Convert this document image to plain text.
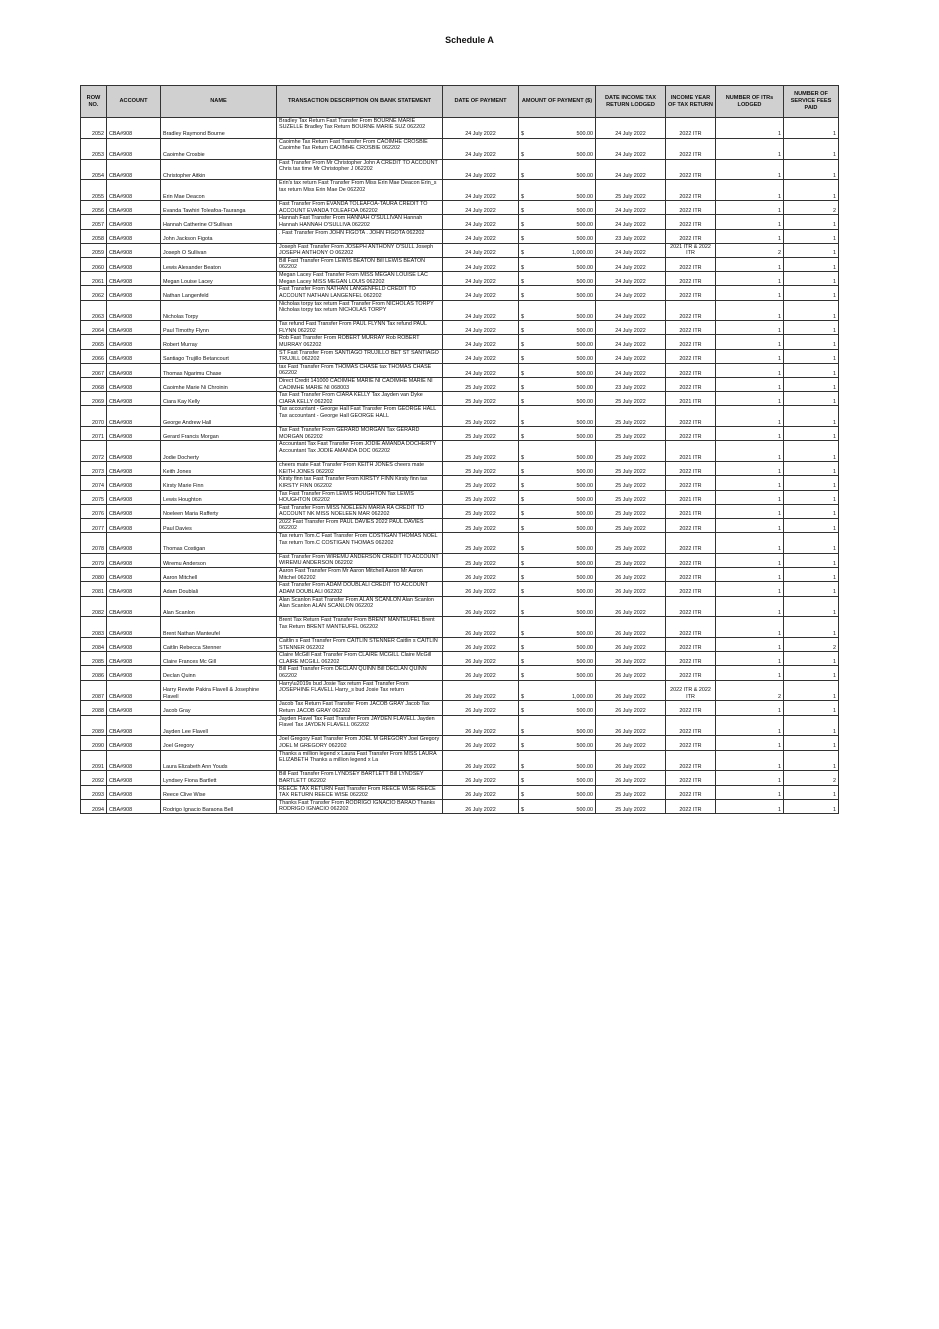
Schedule A
ROW NO.	ACCOUNT	NAME	TRANSACTION DESCRIPTION ON BANK STATEMENT	DATE OF PAYMENT	AMOUNT OF PAYMENT ($)	DATE INCOME TAX RETURN LODGED	INCOME YEAR OF TAX RETURN	NUMBER OF ITRs LODGED	NUMBER OF SERVICE FEES PAID
2052	CBA#908	Bradley Raymond Bourne	Bradley Tax Return Fast Transfer From BOURNE MARIE SUZELLE Bradley Tax Return BOURNE MARIE SUZ 062202	24 July 2022	$ 500.00	24 July 2022	2022 ITR	1	1
2053	CBA#908	Caoimhe Crosbie	Caoimhe Tax Return Fast Transfer From CAOIMHE CROSBIE Caoimhe Tax Return CAOIMHE CROSBIE 062202	24 July 2022	$ 500.00	24 July 2022	2022 ITR	1	1
2054	CBA#908	Christopher Aitkin	Fast Transfer From Mr Christopher John A CREDIT TO ACCOUNT Chris tax time Mr Christopher J 062202	24 July 2022	$ 500.00	24 July 2022	2022 ITR	1	1
2055	CBA#908	Erin Mae Deacon	Erin's tax return Fast Transfer From Miss Erin Mae Deacon Erin_s tax return Miss Erin Mae De 062202	24 July 2022	$ 500.00	25 July 2022	2022 ITR	1	1
2056	CBA#908	Evanda Tawhiri Toleafoa-Tauranga	Fast Transfer From EVANDA TOLEAFOA-TAURA CREDIT TO ACCOUNT EVANDA TOLEAFOA 062202	24 July 2022	$ 500.00	24 July 2022	2022 ITR	1	2
2057	CBA#908	Hannah Catherine O'Sullivan	Hannah Fast Transfer From HANNAH O'SULLIVAN Hannah Hannah HANNAH O'SULLIVA 062202	24 July 2022	$ 500.00	24 July 2022	2022 ITR	1	1
2058	CBA#908	John Jackson Figota	. Fast Transfer From JOHN FIGOTA . JOHN FIGOTA 062202	24 July 2022	$ 500.00	23 July 2022	2022 ITR	1	1
2059	CBA#908	Joseph O Sullivan	Joseph Fast Transfer From JOSEPH ANTHONY O'SULL Joseph JOSEPH ANTHONY O 062202	24 July 2022	$ 1,000.00	24 July 2022	2021 ITR & 2022 ITR	2	1
2060	CBA#908	Lewis Alexander Beaton	Bill Fast Transfer From LEWIS BEATON Bill LEWIS BEATON 062202	24 July 2022	$ 500.00	24 July 2022	2022 ITR	1	1
2061	CBA#908	Megan Louise Lacey	Megan Lacey Fast Transfer From MISS MEGAN LOUISE LAC Megan Lacey MISS MEGAN LOUIS 062202	24 July 2022	$ 500.00	24 July 2022	2022 ITR	1	1
2062	CBA#908	Nathan Langenfeld	Fast Transfer From NATHAN LANGENFELD CREDIT TO ACCOUNT NATHAN LANGENFEL 062202	24 July 2022	$ 500.00	24 July 2022	2022 ITR	1	1
2063	CBA#908	Nicholas Torpy	Nicholas torpy tax return Fast Transfer From NICHOLAS TORPY Nicholas torpy tax return NICHOLAS TORPY	24 July 2022	$ 500.00	24 July 2022	2022 ITR	1	1
2064	CBA#908	Paul Timothy Flynn	Tax refund Fast Transfer From PAUL FLYNN Tax refund PAUL FLYNN 062202	24 July 2022	$ 500.00	24 July 2022	2022 ITR	1	1
2065	CBA#908	Robert Murray	Rob Fast Transfer From ROBERT MURRAY Rob ROBERT MURRAY 062202	24 July 2022	$ 500.00	24 July 2022	2022 ITR	1	1
2066	CBA#908	Santiago Trujillo Betancourt	ST Fast Transfer From SANTIAGO TRUJILLO BET ST SANTIAGO TRUJILL 062202	24 July 2022	$ 500.00	24 July 2022	2022 ITR	1	1
2067	CBA#908	Thomas Ngarimu Chase	tax Fast Transfer From THOMAS CHASE tax THOMAS CHASE 062202	24 July 2022	$ 500.00	24 July 2022	2022 ITR	1	1
2068	CBA#908	Caoimhe Marie Ni Chroinin	Direct Credit 141000 CAOIMHE MARIE NI CAOIMHE MARIE NI CAOIMHE MARIE NI 068003	25 July 2022	$ 500.00	23 July 2022	2022 ITR	1	1
2069	CBA#908	Ciara Kay Kelly	Tax Fast Transfer From CIARA KELLY Tax Jayden van Dyke CIARA KELLY 062202	25 July 2022	$ 500.00	25 July 2022	2021 ITR	1	1
2070	CBA#908	George Andrew Hall	Tax accountant - George Hall Fast Transfer From GEORGE HALL Tax accountant - George Hall GEORGE HALL	25 July 2022	$ 500.00	25 July 2022	2022 ITR	1	1
2071	CBA#908	Gerard Francis Morgan	Tax Fast Transfer From GERARD MORGAN Tax GERARD MORGAN 062202	25 July 2022	$ 500.00	25 July 2022	2022 ITR	1	1
2072	CBA#908	Jodie Docherty	Accountant Tax Fast Transfer From JODIE AMANDA DOCHERTY Accountant Tax JODIE AMANDA DOC 062202	25 July 2022	$ 500.00	25 July 2022	2021 ITR	1	1
2073	CBA#908	Keith Jones	cheers mate Fast Transfer From KEITH JONES cheers mate KEITH JONES 062202	25 July 2022	$ 500.00	25 July 2022	2022 ITR	1	1
2074	CBA#908	Kirsty Marie Finn	Kirsty finn tax Fast Transfer From KIRSTY FINN Kirsty finn tax KIRSTY FINN 062202	25 July 2022	$ 500.00	25 July 2022	2022 ITR	1	1
2075	CBA#908	Lewis Houghton	Tax Fast Transfer From LEWIS HOUGHTON Tax LEWIS HOUGHTON 062202	25 July 2022	$ 500.00	25 July 2022	2021 ITR	1	1
2076	CBA#908	Noeleen Maria Rafferty	Fast Transfer From MISS NOELEEN MARIA RA CREDIT TO ACCOUNT NK MISS NOELEEN MAR 062202	25 July 2022	$ 500.00	25 July 2022	2021 ITR	1	1
2077	CBA#908	Paul Davies	2022 Fast Transfer From PAUL DAVIES 2022 PAUL DAVIES 062202	25 July 2022	$ 500.00	25 July 2022	2022 ITR	1	1
2078	CBA#908	Thomas Costigan	Tax return Tom.C Fast Transfer From COSTIGAN THOMAS NOEL Tax return Tom.C COSTIGAN THOMAS 062202	25 July 2022	$ 500.00	25 July 2022	2022 ITR	1	1
2079	CBA#908	Wiremu Anderson	Fast Transfer From WIREMU ANDERSON CREDIT TO ACCOUNT WIREMU ANDERSON 062202	25 July 2022	$ 500.00	25 July 2022	2022 ITR	1	1
2080	CBA#908	Aaron Mitchell	Aaron Fast Transfer From Mr Aaron Mitchell Aaron Mr Aaron Mitchel 062202	26 July 2022	$ 500.00	26 July 2022	2022 ITR	1	1
2081	CBA#908	Adam Doublali	Fast Transfer From ADAM DOUBLALI CREDIT TO ACCOUNT ADAM DOUBLALI 062202	26 July 2022	$ 500.00	26 July 2022	2022 ITR	1	1
2082	CBA#908	Alan Scanlon	Alan Scanlon Fast Transfer From ALAN SCANLON Alan Scanlon Alan Scanlon ALAN SCANLON 062202	26 July 2022	$ 500.00	26 July 2022	2022 ITR	1	1
2083	CBA#908	Brent Nathan Manteufel	Brent Tax Return Fast Transfer From BRENT MANTEUFEL Brent Tax Return BRENT MANTEUFEL 062202	26 July 2022	$ 500.00	26 July 2022	2022 ITR	1	1
2084	CBA#908	Caitlin Rebecca Stenner	Caitlin s Fast Transfer From CAITLIN STENNER Caitlin s CAITLIN STENNER 062202	26 July 2022	$ 500.00	26 July 2022	2022 ITR	1	2
2085	CBA#908	Claire Frances Mc Gill	Claire McGill Fast Transfer From CLAIRE MCGILL Claire McGill CLAIRE MCGILL 062202	26 July 2022	$ 500.00	26 July 2022	2022 ITR	1	1
2086	CBA#908	Declan Quinn	Bill Fast Transfer From DECLAN QUINN Bill DECLAN QUINN 062202	26 July 2022	$ 500.00	26 July 2022	2022 ITR	1	1
2087	CBA#908	Harry Rewite Pakira Flavell & Josephine Flavell	Harry\u2019s bud Josie Tax return Fast Transfer From JOSEPHINE FLAVELL Harry_s bud Josie Tax return	26 July 2022	$ 1,000.00	26 July 2022	2022 ITR & 2022 ITR	2	1
2088	CBA#908	Jacob Gray	Jacob Tax Return Fast Transfer From JACOB GRAY Jacob Tax Return JACOB GRAY 062202	26 July 2022	$ 500.00	26 July 2022	2022 ITR	1	1
2089	CBA#908	Jayden Lee Flavell	Jayden Flavel Tax Fast Transfer From JAYDEN FLAVELL Jayden Flavel Tax JAYDEN FLAVELL 062202	26 July 2022	$ 500.00	26 July 2022	2022 ITR	1	1
2090	CBA#908	Joel Gregory	Joel Gregory Fast Transfer From JOEL M GREGORY Joel Gregory JOEL M GREGORY 062202	26 July 2022	$ 500.00	26 July 2022	2022 ITR	1	1
2091	CBA#908	Laura Elizabeth Ann Youds	Thanks a million legend x Laura Fast Transfer From MISS LAURA ELIZABETH Thanks a million legend x La	26 July 2022	$ 500.00	26 July 2022	2022 ITR	1	1
2092	CBA#908	Lyndsey Fiona Bartlett	Bill Fast Transfer From LYNDSEY BARTLETT Bill LYNDSEY BARTLETT 062202	26 July 2022	$ 500.00	26 July 2022	2022 ITR	1	2
2093	CBA#908	Reece Clive Wise	REECE TAX RETURN Fast Transfer From REECE WISE REECE TAX RETURN REECE WISE 062202	26 July 2022	$ 500.00	25 July 2022	2022 ITR	1	1
2094	CBA#908	Rodrigo Ignacio Baraona Bell	Thanks Fast Transfer From RODRIGO IGNACIO BARAO Thanks RODRIGO IGNACIO 062202	26 July 2022	$ 500.00	25 July 2022	2022 ITR	1	1
